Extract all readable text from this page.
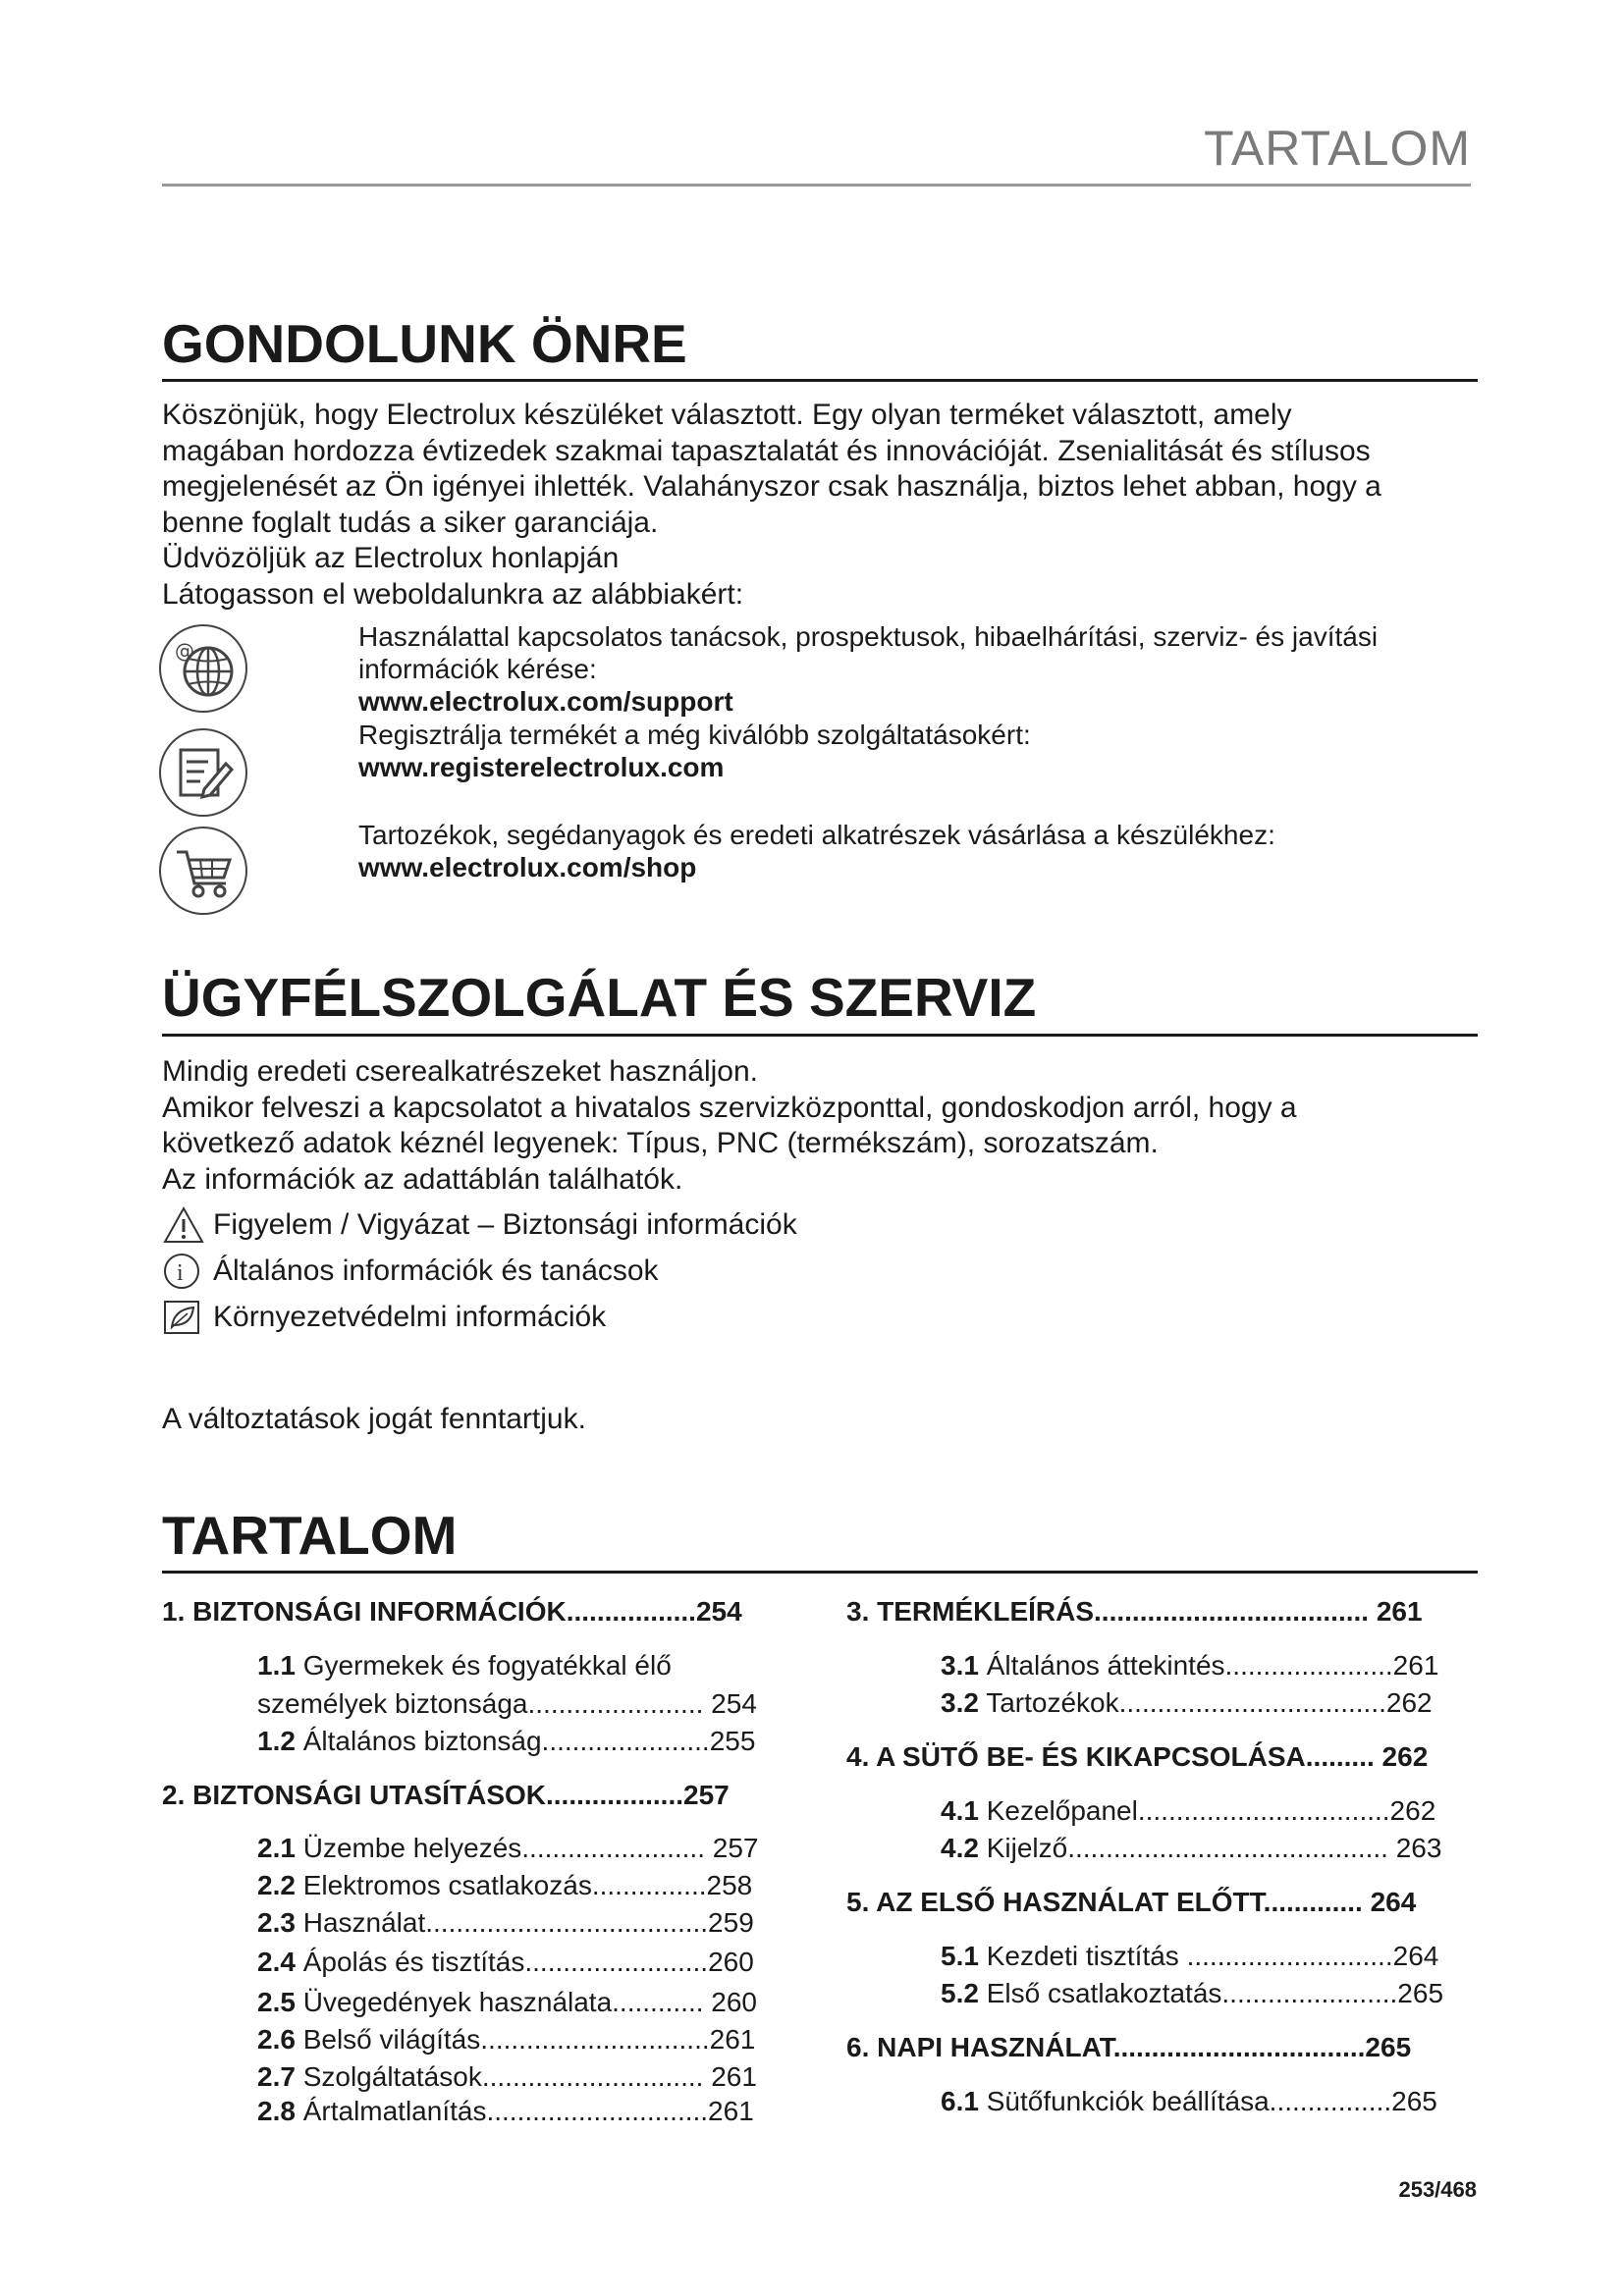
TARTALOM
GONDOLUNK ÖNRE

Köszönjük, hogy Electrolux készüléket választott. Egy olyan terméket választott, amely

magában hordozza évtizedek szakmai tapasztalatát és innovációját. Zsenialitását és stílusos

megjelenését az Ön igényei ihlették. Valahányszor csak használja, biztos lehet abban, hogy a

benne foglalt tudás a siker garanciája.

Üdvözöljük az Electrolux honlapján

Látogasson el weboldalunkra az alábbiakért:

@	Használattal kapcsolatos tanácsok, prospektusok, hibaelhárítási, szerviz- és javítási
információk kérése:
www.electrolux.com/support
Regisztrálja termékét a még kiválóbb szolgáltatásokért:
www.registerelectrolux.com
Tartozékok, segédanyagok és eredeti alkatrészek vásárlása a készülékhez:
www.electrolux.com/shop
ÜGYFÉLSZOLGÁLAT ÉS SZERVIZ

Mindig eredeti cserealkatrészeket használjon.

Amikor felveszi a kapcsolatot a hivatalos szervizközponttal, gondoskodjon arról, hogy a

következő adatok kéznél legyenek: Típus, PNC (termékszám), sorozatszám.

Az információk az adattáblán találhatók.

Figyelem / Vigyázat – Biztonsági információk
i Általános információk és tanácsok
Környezetvédelmi információk
A változtatások jogát fenntartjuk.
TARTALOM
1. BIZTONSÁGI INFORMÁCIÓK.................254
1.1 Gyermekek és fogyatékkal élő
személyek biztonsága....................... 254
1.2 Általános biztonság......................255
2. BIZTONSÁGI UTASÍTÁSOK..................257
2.1 Üzembe helyezés........................ 257
2.2 Elektromos csatlakozás...............258
2.3 Használat.....................................259
2.4 Ápolás és tisztítás........................260
2.5 Üvegedények használata............ 260
2.6 Belső világítás..............................261
2.7 Szolgáltatások............................. 261
2.8 Ártalmatlanítás.............................261
3. TERMÉKLEÍRÁS.................................... 261
3.1 Általános áttekintés......................261
3.2 Tartozékok...................................262
4. A SÜTŐ BE- ÉS KIKAPCSOLÁSA......... 262
4.1 Kezelőpanel.................................262
4.2 Kijelző.......................................... 263
5. AZ ELSŐ HASZNÁLAT ELŐTT............. 264
5.1 Kezdeti tisztítás ...........................264
5.2 Első csatlakoztatás.......................265
6. NAPI HASZNÁLAT.................................265
6.1 Sütőfunkciók beállítása................265
253/468
